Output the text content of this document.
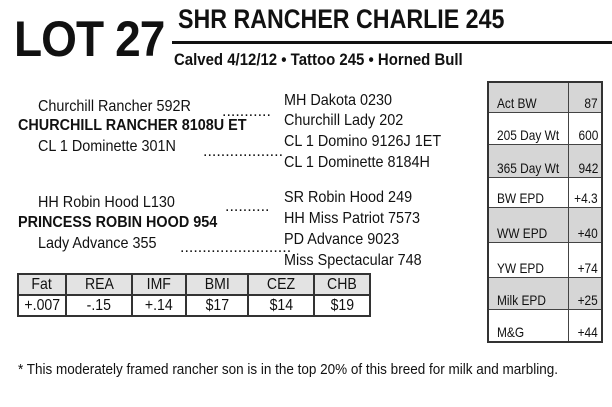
LOT 27 SHR RANCHER CHARLIE 245
Calved 4/12/12 • Tattoo 245 • Horned Bull
Churchill Rancher 592R ...........
CHURCHILL RANCHER 8108U ET
CL 1 Dominette 301N ..................
MH Dakota 0230
Churchill Lady 202
CL 1 Domino 9126J 1ET
CL 1 Dominette 8184H
HH Robin Hood L130	..........
PRINCESS ROBIN HOOD 954
Lady Advance 355 .........................
SR Robin Hood 249
HH Miss Patriot 7573
PD Advance 9023
Miss Spectacular 748
Fat	REA	IMF	BMI	CEZ	CHB
+.007	-.15	+.14	$17	$14	$19
Act BW	87
205 Day Wt 600
365 Day Wt 942
BW EPD +4.3
WW EPD +40
YW EPD +74
Milk EPD +25
M&G	+44
* This moderately framed rancher son is in the top 20% of this breed for milk and marbling.
